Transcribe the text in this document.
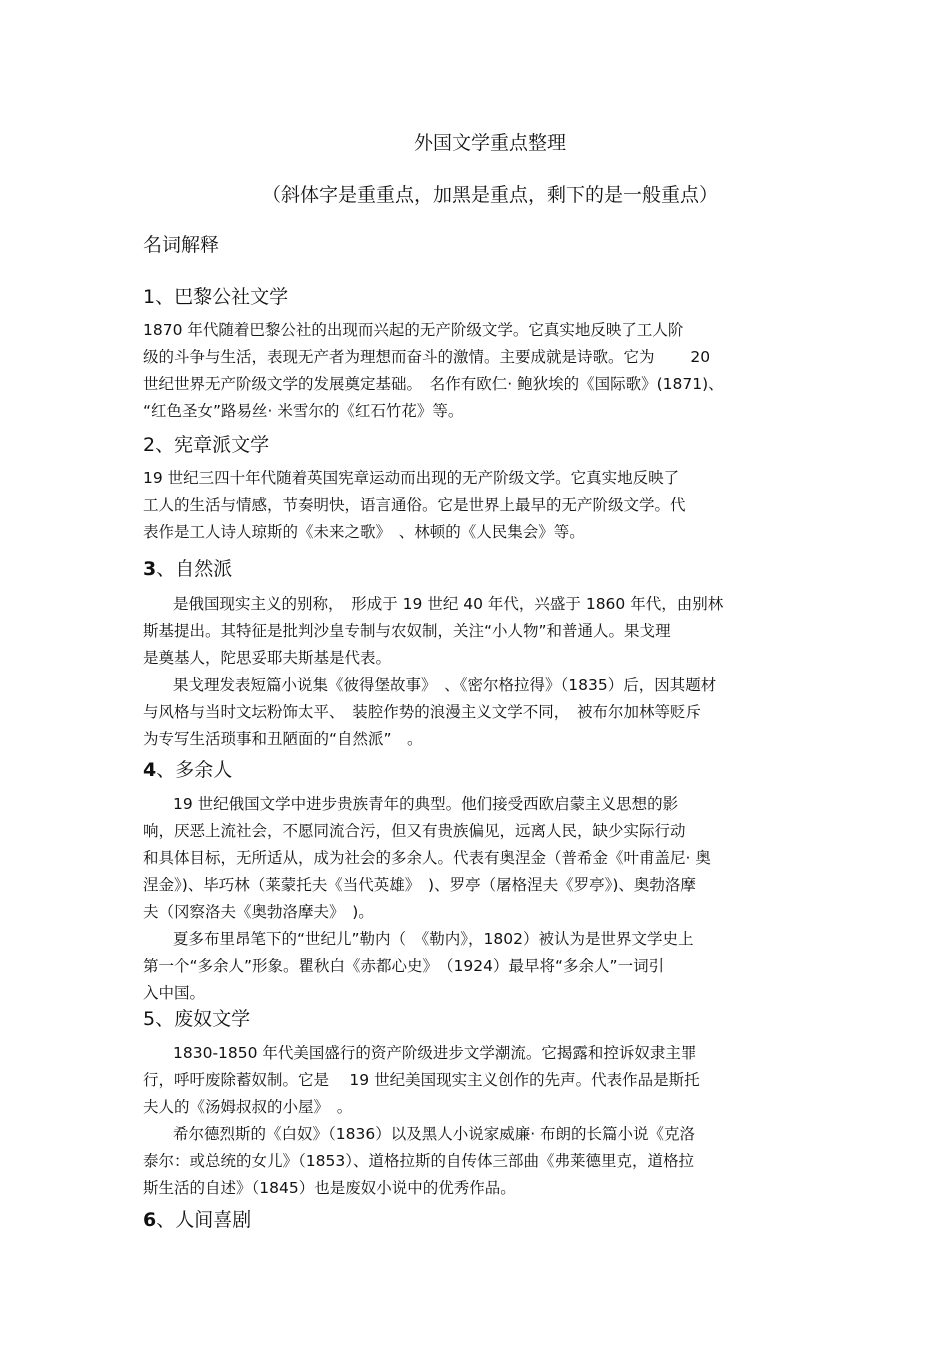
外国文学重点整理
（斜体字是重重点，加黑是重点，剩下的是一般重点）
名词解释
1、巴黎公社文学
1870 年代随着巴黎公社的出现而兴起的无产阶级文学。它真实地反映了工人阶
级的斗争与生活，表现无产者为理想而奋斗的激情。主要成就是诗歌。它为　　 20
世纪世界无产阶级文学的发展奠定基础。　名作有欧仁· 鲍狄埃的《国际歌》(1871)、
“红色圣女”路易丝· 米雪尔的《红石竹花》等。
2、宪章派文学
19 世纪三四十年代随着英国宪章运动而出现的无产阶级文学。它真实地反映了
工人的生活与情感，节奏明快，语言通俗。它是世界上最早的无产阶级文学。代
表作是工人诗人琼斯的《未来之歌》　、林顿的《人民集会》等。
3、自然派
是俄国现实主义的别称，　形成于 19 世纪 40 年代，兴盛于 1860 年代，由别林
斯基提出。其特征是批判沙皇专制与农奴制，关注“小人物”和普通人。果戈理
是奠基人，陀思妥耶夫斯基是代表。
果戈理发表短篇小说集《彼得堡故事》　、《密尔格拉得》（1835）后，因其题材
与风格与当时文坛粉饰太平、　装腔作势的浪漫主义文学不同，　被布尔加林等贬斥
为专写生活琐事和丑陋面的“自然派”　。
4、多余人
19 世纪俄国文学中进步贵族青年的典型。他们接受西欧启蒙主义思想的影
响，厌恶上流社会，不愿同流合污，但又有贵族偏见，远离人民，缺少实际行动
和具体目标，无所适从，成为社会的多余人。代表有奥涅金（普希金《叶甫盖尼· 奥
涅金》)、毕巧林（莱蒙托夫《当代英雄》　)、罗亭（屠格涅夫《罗亭》)、奥勃洛摩
夫（冈察洛夫《奥勃洛摩夫》　)。
夏多布里昂笔下的“世纪儿”勒内（　《勒内》，1802）被认为是世界文学史上
第一个“多余人”形象。瞿秋白《赤都心史》　（1924）最早将“多余人”一词引
入中国。
5、废奴文学
1830-1850 年代美国盛行的资产阶级进步文学潮流。它揭露和控诉奴隶主罪
行，呼吁废除蓄奴制。它是　 19 世纪美国现实主义创作的先声。代表作品是斯托
夫人的《汤姆叔叔的小屋》　。
希尔德烈斯的《白奴》（1836）以及黑人小说家威廉· 布朗的长篇小说《克洛
泰尔：或总统的女儿》（1853）、道格拉斯的自传体三部曲《弗莱德里克，道格拉
斯生活的自述》（1845）也是废奴小说中的优秀作品。
6、人间喜剧
